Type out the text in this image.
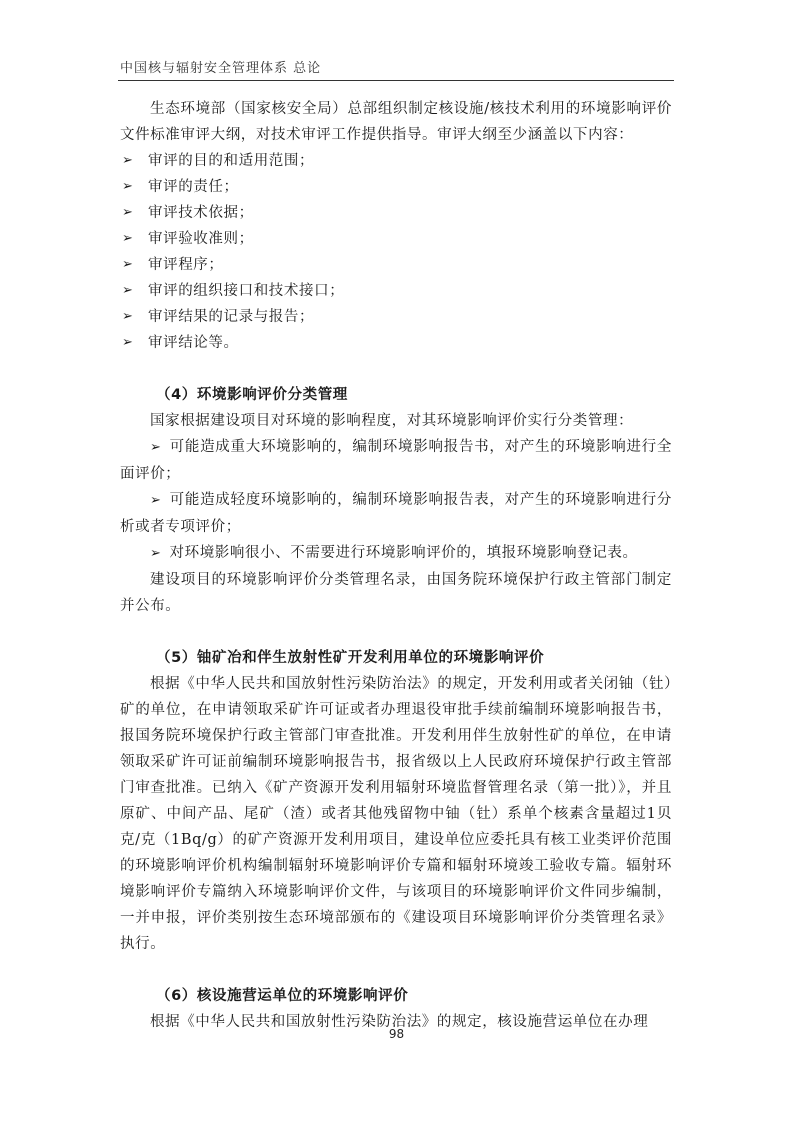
中国核与辐射安全管理体系 总论

生态环境部（国家核安全局）总部组织制定核设施/核技术利用的环境影响评价文件标准审评大纲，对技术审评工作提供指导。审评大纲至少涵盖以下内容：

➢ 审评的目的和适用范围；

➢ 审评的责任；

➢ 审评技术依据；

➢ 审评验收准则；

➢ 审评程序；

➢ 审评的组织接口和技术接口；

➢ 审评结果的记录与报告；

➢ 审评结论等。

（4）环境影响评价分类管理

国家根据建设项目对环境的影响程度，对其环境影响评价实行分类管理：

➢ 可能造成重大环境影响的，编制环境影响报告书，对产生的环境影响进行全面评价；

➢ 可能造成轻度环境影响的，编制环境影响报告表，对产生的环境影响进行分析或者专项评价；

➢ 对环境影响很小、不需要进行环境影响评价的，填报环境影响登记表。

建设项目的环境影响评价分类管理名录，由国务院环境保护行政主管部门制定并公布。

（5）铀矿冶和伴生放射性矿开发利用单位的环境影响评价

根据《中华人民共和国放射性污染防治法》的规定，开发利用或者关闭铀（钍）矿的单位，在申请领取采矿许可证或者办理退役审批手续前编制环境影响报告书，报国务院环境保护行政主管部门审查批准。开发利用伴生放射性矿的单位，在申请领取采矿许可证前编制环境影响报告书，报省级以上人民政府环境保护行政主管部门审查批准。已纳入《矿产资源开发利用辐射环境监督管理名录（第一批）》，并且原矿、中间产品、尾矿（渣）或者其他残留物中铀（钍）系单个核素含量超过1贝克/克（1Bq/g）的矿产资源开发利用项目，建设单位应委托具有核工业类评价范围的环境影响评价机构编制辐射环境影响评价专篇和辐射环境竣工验收专篇。辐射环境影响评价专篇纳入环境影响评价文件，与该项目的环境影响评价文件同步编制，一并申报，评价类别按生态环境部颁布的《建设项目环境影响评价分类管理名录》执行。

（6）核设施营运单位的环境影响评价

根据《中华人民共和国放射性污染防治法》的规定，核设施营运单位在办理

98
